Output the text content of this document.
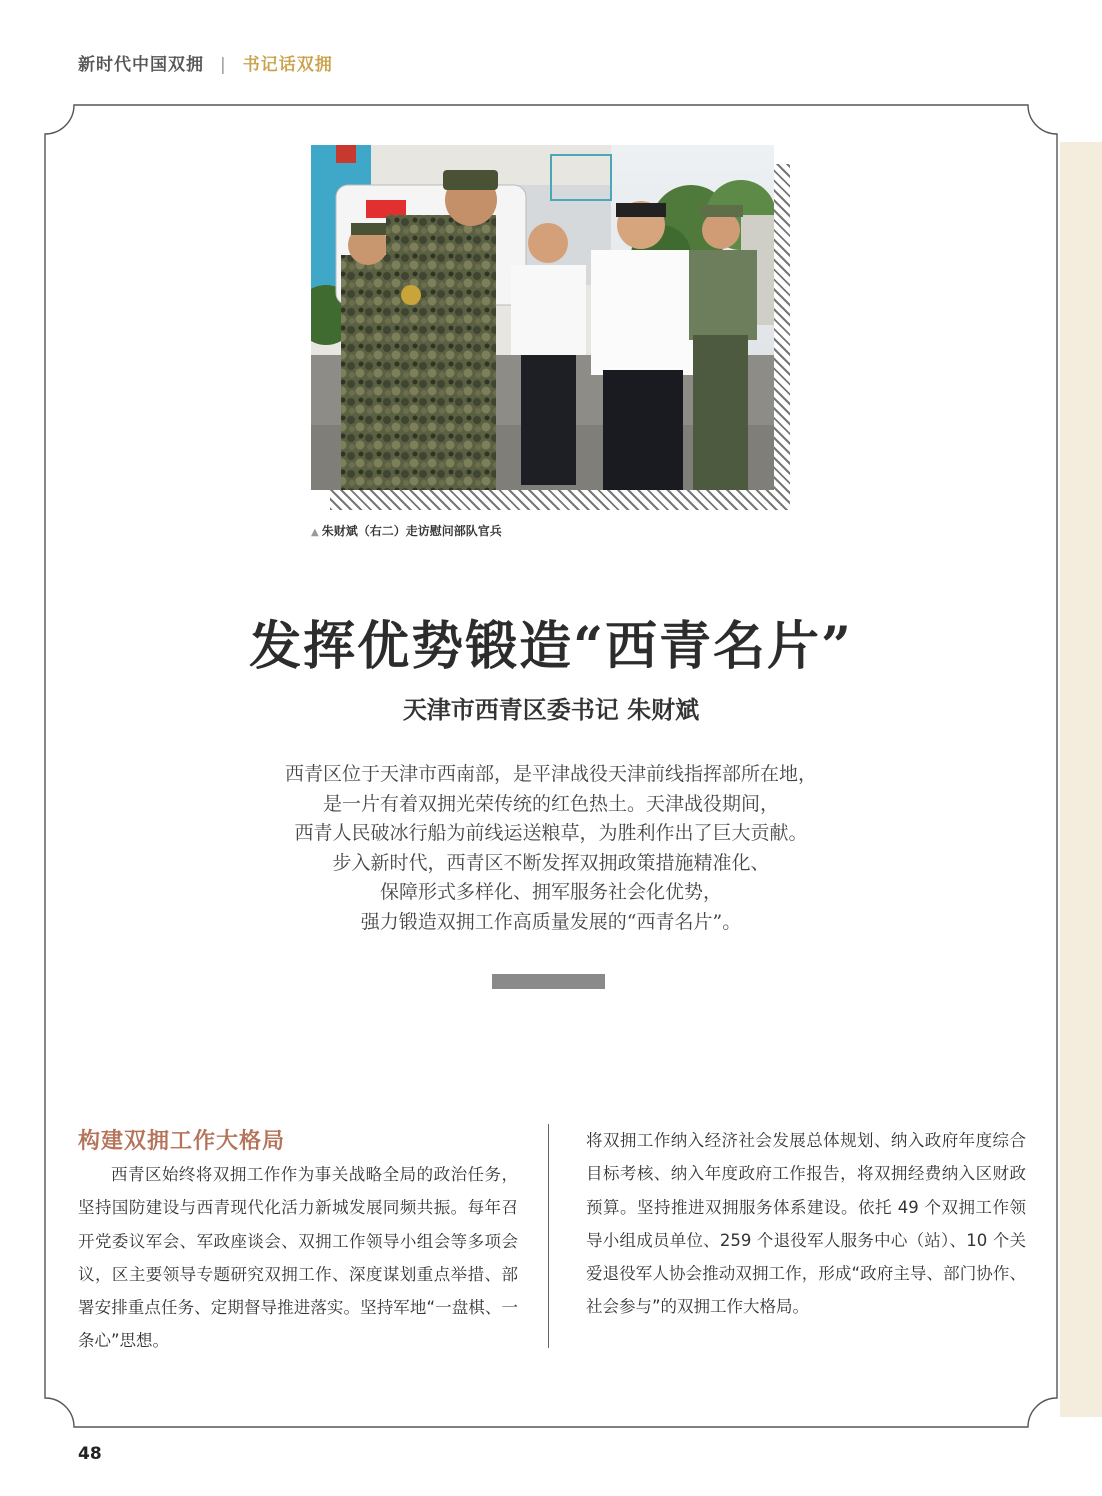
新时代中国双拥 | 书记话双拥
▲ 朱财斌（右二）走访慰问部队官兵
发挥优势锻造“西青名片”
天津市西青区委书记 朱财斌
西青区位于天津市西南部，是平津战役天津前线指挥部所在地，
是一片有着双拥光荣传统的红色热土。天津战役期间，
西青人民破冰行船为前线运送粮草，为胜利作出了巨大贡献。
步入新时代，西青区不断发挥双拥政策措施精准化、
保障形式多样化、拥军服务社会化优势，
强力锻造双拥工作高质量发展的“西青名片”。
构建双拥工作大格局

西青区始终将双拥工作作为事关战略全局的政治任务，坚持国防建设与西青现代化活力新城发展同频共振。每年召开党委议军会、军政座谈会、双拥工作领导小组会等多项会议，区主要领导专题研究双拥工作、深度谋划重点举措、部署安排重点任务、定期督导推进落实。坚持军地“一盘棋、一条心”思想。

将双拥工作纳入经济社会发展总体规划、纳入政府年度综合目标考核、纳入年度政府工作报告，将双拥经费纳入区财政预算。坚持推进双拥服务体系建设。依托 49 个双拥工作领导小组成员单位、259 个退役军人服务中心（站）、10 个关爱退役军人协会推动双拥工作，形成“政府主导、部门协作、社会参与”的双拥工作大格局。

48
